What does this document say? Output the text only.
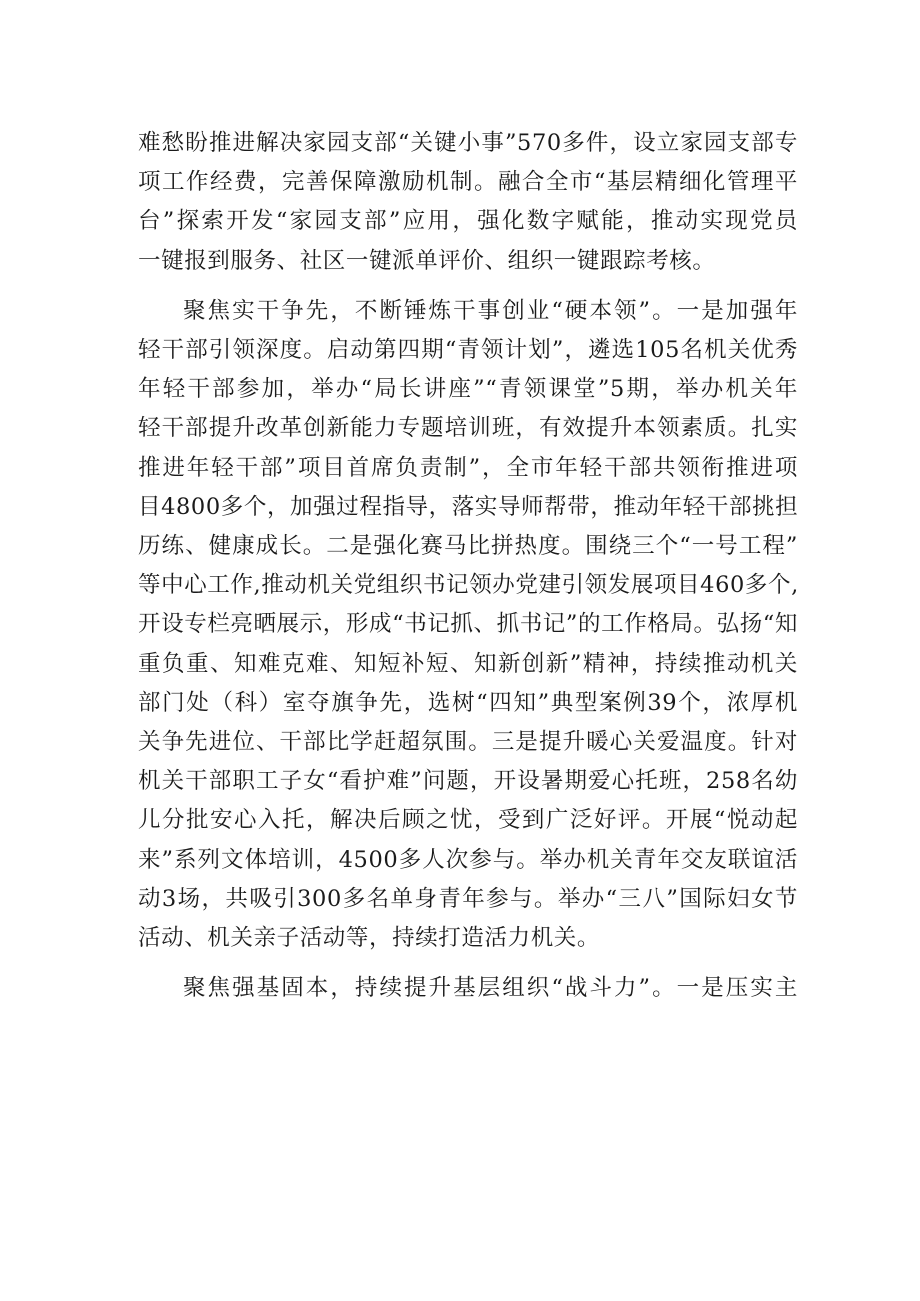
难愁盼推进解决家园支部“关键小事”570多件，设立家园支部专
项工作经费，完善保障激励机制。融合全市“基层精细化管理平
台”探索开发“家园支部”应用，强化数字赋能，推动实现党员
一键报到服务、社区一键派单评价、组织一键跟踪考核。

聚焦实干争先，不断锤炼干事创业“硬本领”。一是加强年
轻干部引领深度。启动第四期“青领计划”，遴选105名机关优秀
年轻干部参加，举办“局长讲座”“青领课堂”5期，举办机关年
轻干部提升改革创新能力专题培训班，有效提升本领素质。扎实
推进年轻干部”项目首席负责制”，全市年轻干部共领衔推进项
目4800多个，加强过程指导，落实导师帮带，推动年轻干部挑担
历练、健康成长。二是强化赛马比拼热度。围绕三个“一号工程”
等中心工作,推动机关党组织书记领办党建引领发展项目460多个,
开设专栏亮晒展示，形成“书记抓、抓书记”的工作格局。弘扬“知
重负重、知难克难、知短补短、知新创新”精神，持续推动机关
部门处（科）室夺旗争先，选树“四知”典型案例39个，浓厚机
关争先进位、干部比学赶超氛围。三是提升暖心关爱温度。针对
机关干部职工子女“看护难”问题，开设暑期爱心托班，258名幼
儿分批安心入托，解决后顾之忧，受到广泛好评。开展“悦动起
来”系列文体培训，4500多人次参与。举办机关青年交友联谊活
动3场，共吸引300多名单身青年参与。举办“三八”国际妇女节
活动、机关亲子活动等，持续打造活力机关。

聚焦强基固本，持续提升基层组织“战斗力”。一是压实主
